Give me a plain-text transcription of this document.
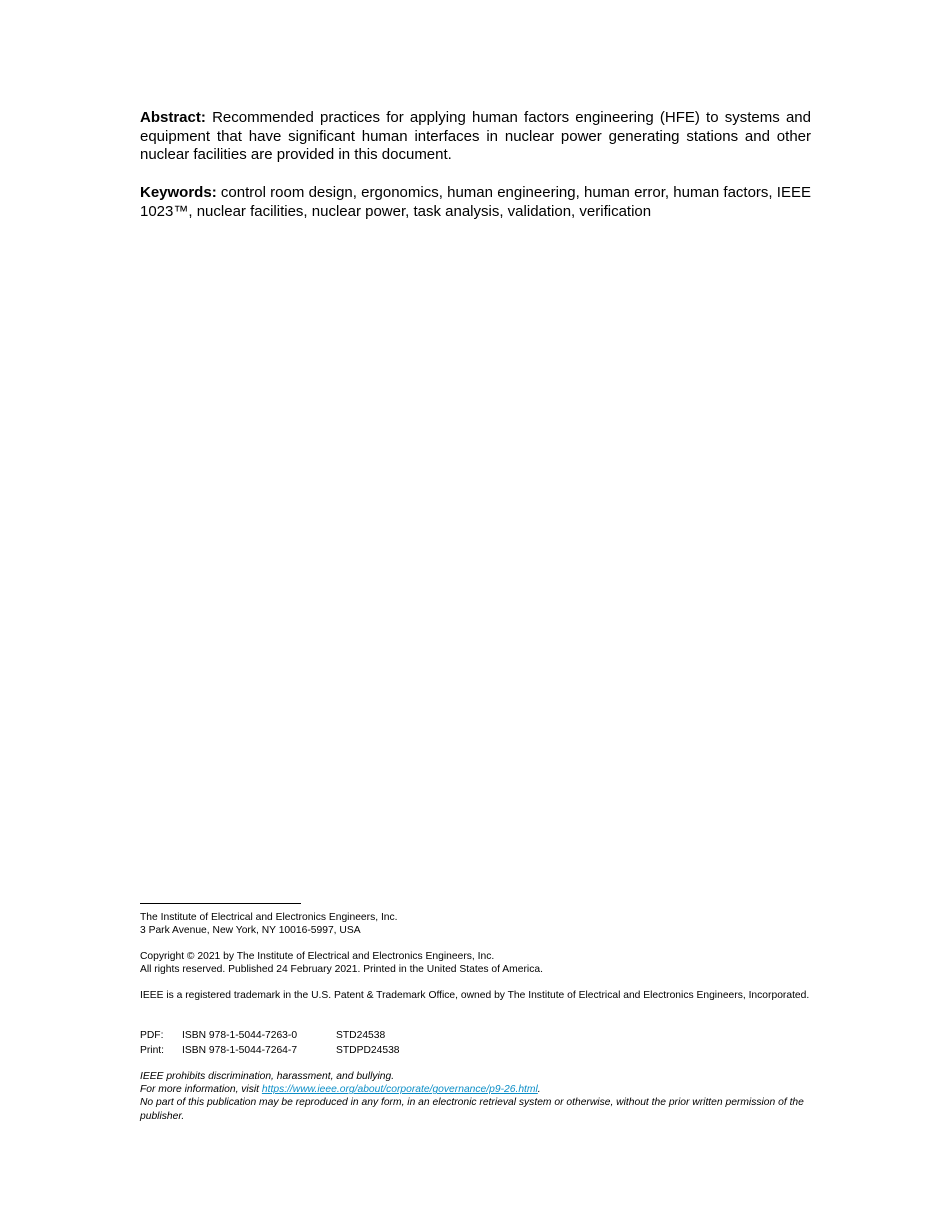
Abstract: Recommended practices for applying human factors engineering (HFE) to systems and equipment that have significant human interfaces in nuclear power generating stations and other nuclear facilities are provided in this document.
Keywords: control room design, ergonomics, human engineering, human error, human factors, IEEE 1023™, nuclear facilities, nuclear power, task analysis, validation, verification
The Institute of Electrical and Electronics Engineers, Inc.
3 Park Avenue, New York, NY 10016-5997, USA
Copyright © 2021 by The Institute of Electrical and Electronics Engineers, Inc.
All rights reserved. Published 24 February 2021. Printed in the United States of America.
IEEE is a registered trademark in the U.S. Patent & Trademark Office, owned by The Institute of Electrical and Electronics Engineers, Incorporated.
PDF:	ISBN 978-1-5044-7263-0	STD24538
Print:	ISBN 978-1-5044-7264-7	STDPD24538
IEEE prohibits discrimination, harassment, and bullying.
For more information, visit https://www.ieee.org/about/corporate/governance/p9-26.html.
No part of this publication may be reproduced in any form, in an electronic retrieval system or otherwise, without the prior written permission of the publisher.
